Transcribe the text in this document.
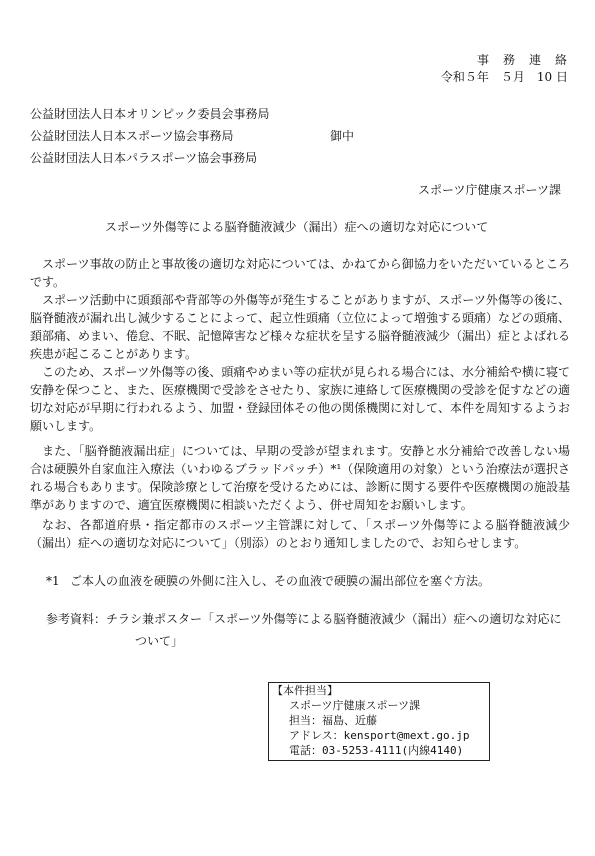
事　務　連　絡
令和５年　５月　10 日
公益財団法人日本オリンピック委員会事務局
公益財団法人日本スポーツ協会事務局	御中
公益財団法人日本パラスポーツ協会事務局
スポーツ庁健康スポーツ課
スポーツ外傷等による脳脊髄液減少（漏出）症への適切な対応について
スポーツ事故の防止と事故後の適切な対応については、かねてから御協力をいただいているところです。
スポーツ活動中に頭頚部や背部等の外傷等が発生することがありますが、スポーツ外傷等の後に、脳脊髄液が漏れ出し減少することによって、起立性頭痛（立位によって増強する頭痛）などの頭痛、頚部痛、めまい、倦怠、不眠、記憶障害など様々な症状を呈する脳脊髄液減少（漏出）症とよばれる疾患が起こることがあります。
このため、スポーツ外傷等の後、頭痛やめまい等の症状が見られる場合には、水分補給や横に寝て安静を保つこと、また、医療機関で受診をさせたり、家族に連絡して医療機関の受診を促すなどの適切な対応が早期に行われるよう、加盟・登録団体その他の関係機関に対して、本件を周知するようお願いします。
また、「脳脊髄液漏出症」については、早期の受診が望まれます。安静と水分補給で改善しない場合は硬膜外自家血注入療法（いわゆるブラッドパッチ）*¹（保険適用の対象）という治療法が選択される場合もあります。保険診療として治療を受けるためには、診断に関する要件や医療機関の施設基準がありますので、適宜医療機関に相談いただくよう、併せ周知をお願いします。
なお、各都道府県・指定都市のスポーツ主管課に対して、「スポーツ外傷等による脳脊髄液減少（漏出）症への適切な対応について」（別添）のとおり通知しましたので、お知らせします。
*1 ご本人の血液を硬膜の外側に注入し、その血液で硬膜の漏出部位を塞ぐ方法。
参考資料：チラシ兼ポスター「スポーツ外傷等による脳脊髄液減少（漏出）症への適切な対応に
ついて」
【本件担当】
スポーツ庁健康スポーツ課
担当：福島、近藤
アドレス：kensport@mext.go.jp
電話：03-5253-4111(内線4140)
